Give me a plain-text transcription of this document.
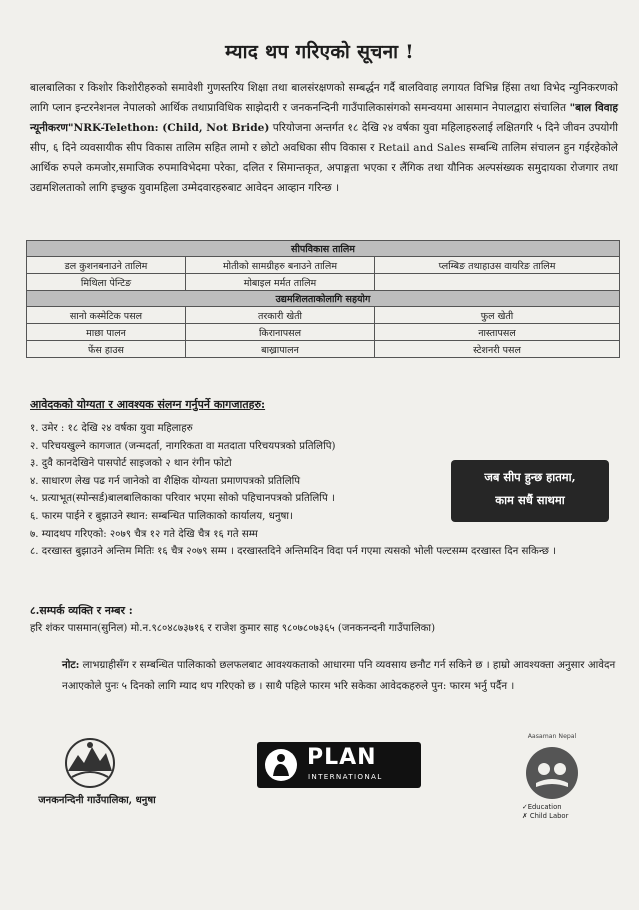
म्याद थप गरिएको सूचना !

बालबालिका र किशोर किशोरीहरुको समावेशी गुणस्तरिय शिक्षा तथा बालसंरक्षणको सम्बर्द्धन गर्दै बालविवाह लगायत विभिन्न हिंसा तथा विभेद न्युनिकरणको लागि प्लान इन्टरनेशनल नेपालको आर्थिक तथाप्राविधिक साझेदारी र जनकनन्दिनी गाउँपालिकासंगको समन्वयमा आसमान नेपालद्वारा संचालित "बाल विवाह न्यूनीकरण"NRK-Telethon: (Child, Not Bride) परियोजना अन्तर्गत १८ देखि २४ वर्षका युवा महिलाहरुलाई लक्षितगरि ५ दिने जीवन उपयोगी सीप, ६ दिने व्यवसायीक सीप विकास तालिम सहित लामो र छोटो अवधिका सीप विकास र Retail and Sales सम्बन्धि तालिम संचालन हुन गईरहेकोले आर्थिक रुपले कमजोर,समाजिक रुपमाविभेदमा परेका, दलित र सिमान्तकृत, अपाङ्गता भएका र लैंगिक तथा यौनिक अल्पसंख्यक समुदायका रोजगार तथा उद्यमशिलताको लागि इच्छुक युवामहिला उम्मेदवारहरुबाट आवेदन आव्हान गरिन्छ ।

सीपविकास तालिम		
डल कुशनबनाउने तालिम	मोतीको सामग्रीहरु बनाउने तालिम	प्लम्बिङ तथाहाउस वायरिङ तालिम
मिथिला पेन्टिङ	मोबाइल मर्मत तालिम	
उद्यमशिलताकोलागि सहयोग		
सानो कस्मेटिक पसल	तरकारी खेती	फुल खेती
माछा पालन	किरानापसल	नास्तापसल
फेंस हाउस	बाख्रापालन	स्टेशनरी पसल
आवेदकको योग्यता र आवश्यक संलग्न गर्नुपर्ने कागजातहरु:
१. उमेर : १८ देखि २४ वर्षका युवा महिलाहरु
२. परिचयखुल्ने कागजात (जन्मदर्ता, नागरिकता वा मतदाता परिचयपत्रको प्रतिलिपि)
३. दुवै कानदेखिने पासपोर्ट साइजको २ थान रंगीन फोटो
४. साधारण लेख पढ गर्न जानेको वा शैक्षिक योग्यता प्रमाणपत्रको प्रतिलिपि
५. प्रत्याभूत(स्पोन्सर्ड)बालबालिकाका परिवार भएमा सोको पहिचानपत्रको प्रतिलिपि ।
६. फारम पाईने र बुझाउने स्थान: सम्बन्धित पालिकाको कार्यालय, धनुषा।
७. म्यादथप गरिएको: २०७९ चैत्र १२ गते देखि चैत्र १६ गते सम्म
८. दरखास्त बुझाउने अन्तिम मितिः १६ चैत्र २०७९ सम्म । दरखास्तदिने अन्तिमदिन विदा पर्न गएमा त्यसको भोली पल्टसम्म दरखास्त दिन सकिन्छ ।
जब सीप हुन्छ हातमा,
काम सधैं साथमा
८.सम्पर्क व्यक्ति र नम्बर :
हरि शंकर पासमान(सुनिल) मो.न.९८०४८७३७१६ र राजेश कुमार साह ९८०७८०७३६५ (जनकनन्दनी गाउँपालिका)

नोट: लाभग्राहीसँग र सम्बन्धित पालिकाको छलफलबाट आवश्यकताको आधारमा पनि व्यवसाय छनौट गर्न सकिने छ । हाम्रो आवश्यक्ता अनुसार आवेदन नआएकोले पुनः ५ दिनको लागि म्याद थप गरिएको छ । साथै पहिले फारम भरि सकेका आवेदकहरुले पुन: फारम भर्नु पर्दैन ।

जनकनन्दिनी गाउँपालिका, धनुषा
PLAN
INTERNATIONAL
Aasaman Nepal
✓Education
✗ Child Labor
